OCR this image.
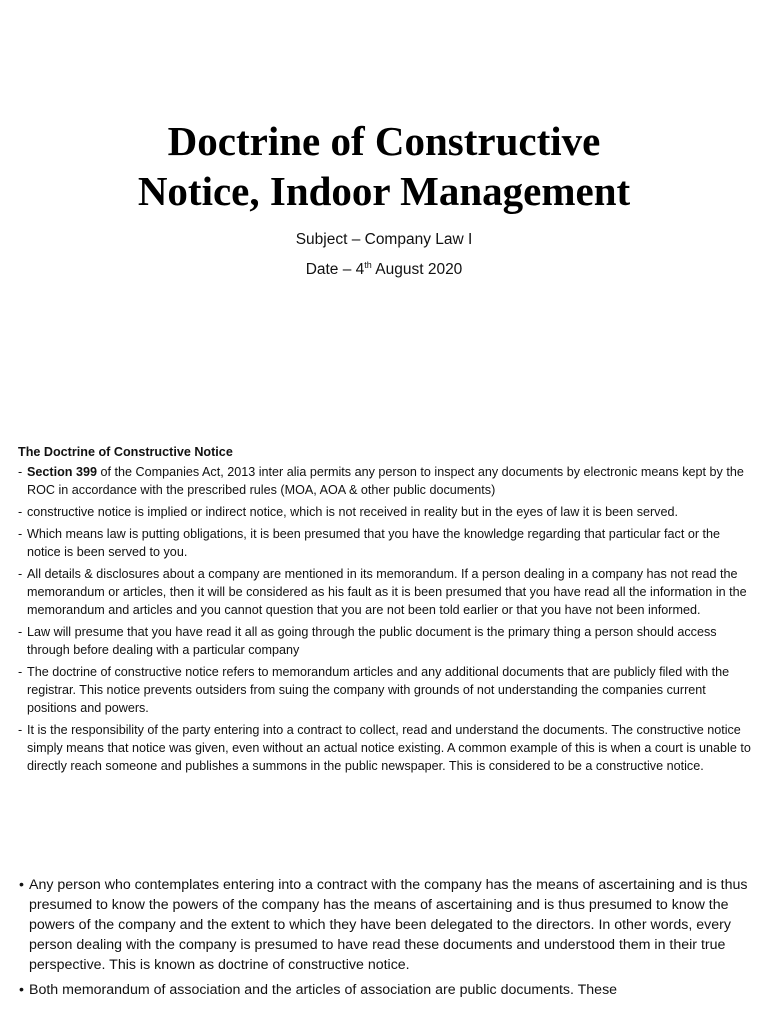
Doctrine of Constructive
Notice, Indoor Management
Subject – Company Law I
Date – 4th August 2020
The Doctrine of Constructive Notice
- Section 399 of the Companies Act, 2013 inter alia permits any person to inspect any documents by electronic means kept by the ROC in accordance with the prescribed rules (MOA, AOA & other public documents)
- constructive notice is implied or indirect notice, which is not received in reality but in the eyes of law it is been served.
- Which means law is putting obligations, it is been presumed that you have the knowledge regarding that particular fact or the notice is been served to you.
- All details & disclosures about a company are mentioned in its memorandum. If a person dealing in a company has not read the memorandum or articles, then it will be considered as his fault as it is been presumed that you have read all the information in the memorandum and articles and you cannot question that you are not been told earlier or that you have not been informed.
- Law will presume that you have read it all as going through the public document is the primary thing a person should access through before dealing with a particular company
- The doctrine of constructive notice refers to memorandum articles and any additional documents that are publicly filed with the registrar. This notice prevents outsiders from suing the company with grounds of not understanding the companies current positions and powers.
- It is the responsibility of the party entering into a contract to collect, read and understand the documents. The constructive notice simply means that notice was given, even without an actual notice existing. A common example of this is when a court is unable to directly reach someone and publishes a summons in the public newspaper. This is considered to be a constructive notice.
• Any person who contemplates entering into a contract with the company has the means of ascertaining and is thus presumed to know the powers of the company has the means of ascertaining and is thus presumed to know the powers of the company and the extent to which they have been delegated to the directors. In other words, every person dealing with the company is presumed to have read these documents and understood them in their true perspective. This is known as doctrine of constructive notice.
• Both memorandum of association and the articles of association are public documents. These
